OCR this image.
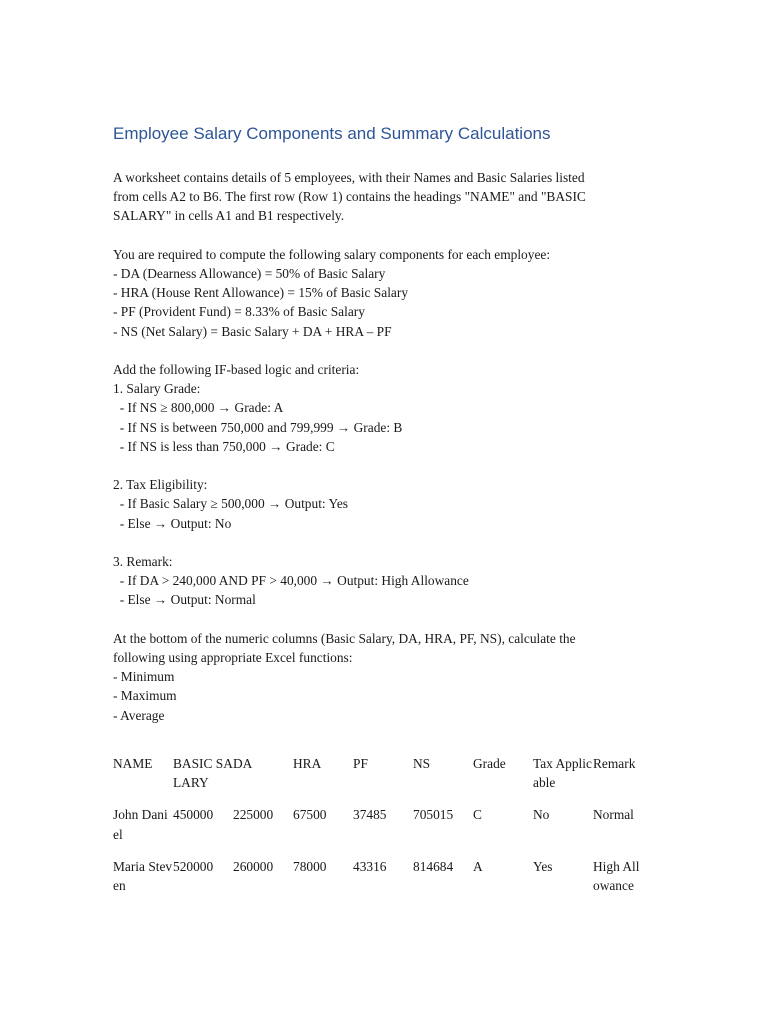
Employee Salary Components and Summary Calculations

A worksheet contains details of 5 employees, with their Names and Basic Salaries listed
from cells A2 to B6. The first row (Row 1) contains the headings "NAME" and "BASIC
SALARY" in cells A1 and B1 respectively.

You are required to compute the following salary components for each employee:
- DA (Dearness Allowance) = 50% of Basic Salary
- HRA (House Rent Allowance) = 15% of Basic Salary
- PF (Provident Fund) = 8.33% of Basic Salary
- NS (Net Salary) = Basic Salary + DA + HRA – PF

Add the following IF-based logic and criteria:
1. Salary Grade:
- If NS ≥ 800,000 → Grade: A
- If NS is between 750,000 and 799,999 → Grade: B
- If NS is less than 750,000 → Grade: C

2. Tax Eligibility:
- If Basic Salary ≥ 500,000 → Output: Yes
- Else → Output: No

3. Remark:
- If DA > 240,000 AND PF > 40,000 → Output: High Allowance
- Else → Output: Normal

At the bottom of the numeric columns (Basic Salary, DA, HRA, PF, NS), calculate the
following using appropriate Excel functions:
- Minimum
- Maximum
- Average

NAME	BASIC SALARY	DA	HRA	PF	NS	Grade	Tax Applicable	Remark
John Daniel	450000	225000	67500	37485	705015	C	No	Normal
Maria Steven	520000	260000	78000	43316	814684	A	Yes	High Allowance
